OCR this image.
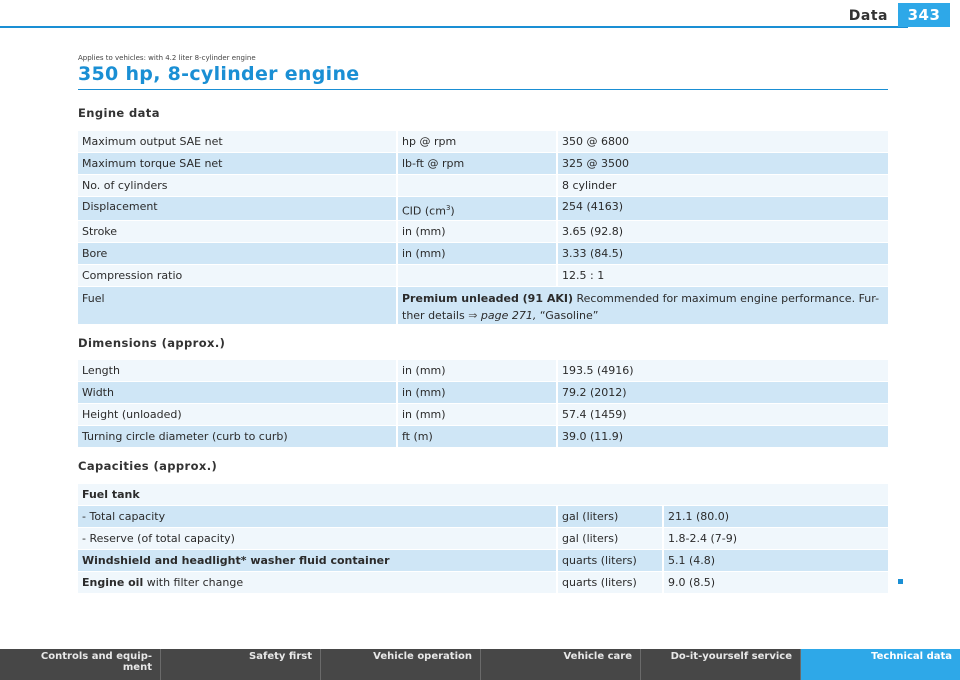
Data	343
Applies to vehicles: with 4.2 liter 8-cylinder engine
350 hp, 8-cylinder engine
Engine data
Maximum output SAE net	hp @ rpm	350 @ 6800
Maximum torque SAE net	lb-ft @ rpm	325 @ 3500
No. of cylinders		8 cylinder
Displacement	CID $(cm^3)$	254 (4163)
Stroke	in (mm)	3.65 (92.8)
Bore	in (mm)	3.33 (84.5)
Compression ratio		12.5 : 1
Fuel	Premium unleaded (91 AKI) Recommended for maximum engine performance. Fur-
ther details ⇒ page 271, “Gasoline”	
Dimensions (approx.)
Length	in (mm)	193.5 (4916)
Width	in (mm)	79.2 (2012)
Height (unloaded)	in (mm)	57.4 (1459)
Turning circle diameter (curb to curb)	ft (m)	39.0 (11.9)
Capacities (approx.)
Fuel tank		
- Total capacity	gal (liters)	21.1 (80.0)
- Reserve (of total capacity)	gal (liters)	1.8-2.4 (7-9)
Windshield and headlight* washer fluid container	quarts (liters)	5.1 (4.8)
Engine oil with filter change	quarts (liters)	9.0 (8.5)
Controls and equip-
ment
Safety first	Vehicle operation	Vehicle care	Do-it-yourself service	Technical data
